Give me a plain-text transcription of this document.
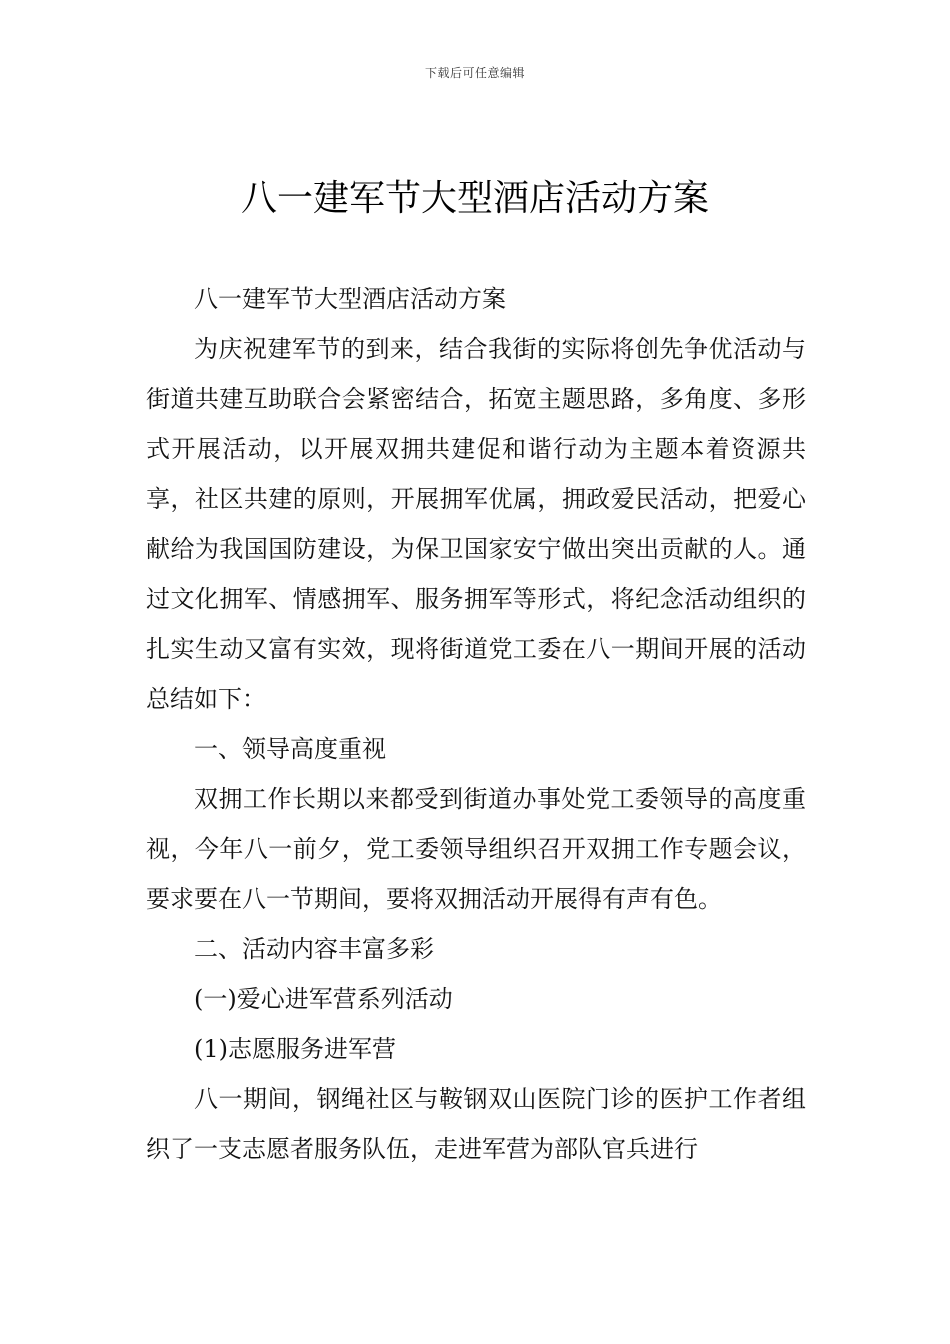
下载后可任意编辑
八一建军节大型酒店活动方案

八一建军节大型酒店活动方案

为庆祝建军节的到来，结合我街的实际将创先争优活动与街道共建互助联合会紧密结合，拓宽主题思路，多角度、多形式开展活动，以开展双拥共建促和谐行动为主题本着资源共享，社区共建的原则，开展拥军优属，拥政爱民活动，把爱心献给为我国国防建设，为保卫国家安宁做出突出贡献的人。通过文化拥军、情感拥军、服务拥军等形式，将纪念活动组织的扎实生动又富有实效，现将街道党工委在八一期间开展的活动总结如下：

一、领导高度重视

双拥工作长期以来都受到街道办事处党工委领导的高度重视，今年八一前夕，党工委领导组织召开双拥工作专题会议，要求要在八一节期间，要将双拥活动开展得有声有色。

二、活动内容丰富多彩

(一)爱心进军营系列活动

(1)志愿服务进军营

八一期间，钢绳社区与鞍钢双山医院门诊的医护工作者组织了一支志愿者服务队伍，走进军营为部队官兵进行
